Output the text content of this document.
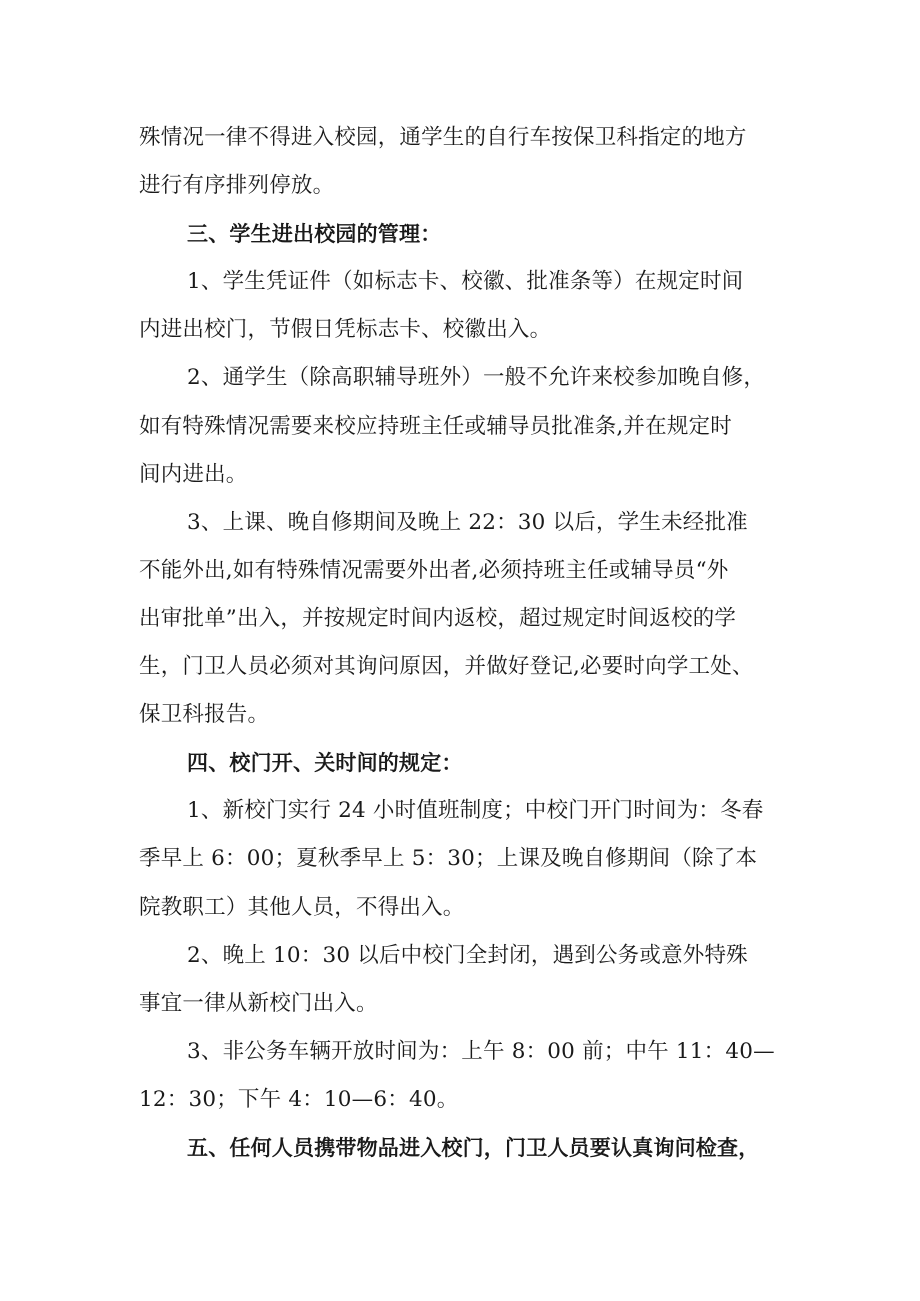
殊情况一律不得进入校园，通学生的自行车按保卫科指定的地方
进行有序排列停放。
三、学生进出校园的管理：
1、学生凭证件（如标志卡、校徽、批准条等）在规定时间
内进出校门，节假日凭标志卡、校徽出入。
2、通学生（除高职辅导班外）一般不允许来校参加晚自修，
如有特殊情况需要来校应持班主任或辅导员批准条,并在规定时
间内进出。
3、上课、晚自修期间及晚上 22：30 以后，学生未经批准
不能外出,如有特殊情况需要外出者,必须持班主任或辅导员“外
出审批单”出入，并按规定时间内返校，超过规定时间返校的学
生，门卫人员必须对其询问原因，并做好登记,必要时向学工处、
保卫科报告。
四、校门开、关时间的规定：
1、新校门实行 24 小时值班制度；中校门开门时间为：冬春
季早上 6：00；夏秋季早上 5：30；上课及晚自修期间（除了本
院教职工）其他人员，不得出入。
2、晚上 10：30 以后中校门全封闭，遇到公务或意外特殊
事宜一律从新校门出入。
3、非公务车辆开放时间为：上午 8：00 前；中午 11：40—
12：30；下午 4：10—6：40。
五、任何人员携带物品进入校门，门卫人员要认真询问检查，
